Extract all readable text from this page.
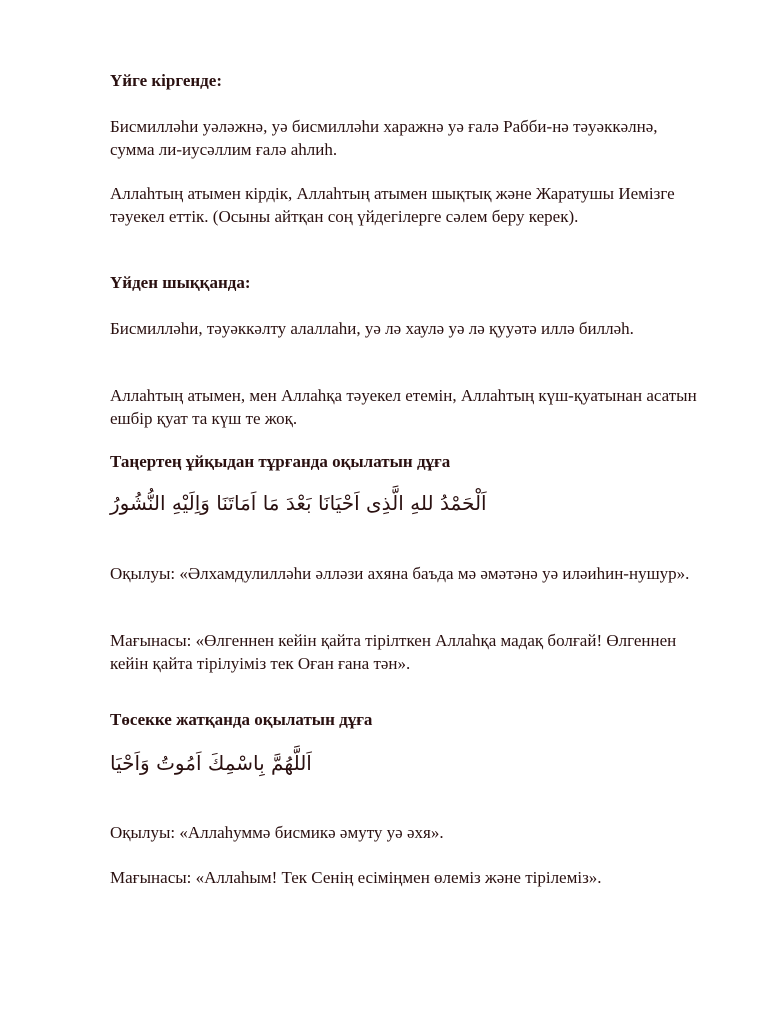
Үйге кіргенде:

Бисмилләһи уәләжнә, уә бисмилләһи харажнә уә ғалә Рабби-нә тәуәккәлнә, сумма ли-иусәллим ғалә аһлиһ.

Аллаһтың атымен кірдік, Аллаһтың атымен шықтық және Жаратушы Иемізге тәуекел еттік. (Осыны айтқан соң үйдегілерге сәлем беру керек).

Үйден шыққанда:

Бисмилләһи, тәуәккәлту алаллаһи, уә лә хаулә уә лә қууәтә иллә билләһ.

Аллаһтың атымен, мен Аллаһқа тәуекел етемін, Аллаһтың күш-қуатынан асатын ешбір қуат та күш те жоқ.

Таңертең ұйқыдан тұрғанда оқылатын дұға

اَلْحَمْدُ للهِ الَّذِى اَحْيَانَا بَعْدَ مَا اَمَاتَنَا وَاِلَيْهِ النُّشُورُ

Оқылуы: «Әлхамдулилләһи әлләзи ахяна баъда мә әмәтәнә уә иләиһин-нушур».

Мағынасы: «Өлгеннен кейін қайта тірілткен Аллаһқа мадақ болғай! Өлгеннен кейін қайта тірілуіміз тек Оған ғана тән».

Төсекке жатқанда оқылатын дұға

اَللَّهُمَّ بِاسْمِكَ اَمُوتُ وَاَحْيَا

Оқылуы: «Аллаһуммә бисмикә әмуту уә әхя».

Мағынасы: «Аллаһым! Тек Сенің есіміңмен өлеміз және тірілеміз».
